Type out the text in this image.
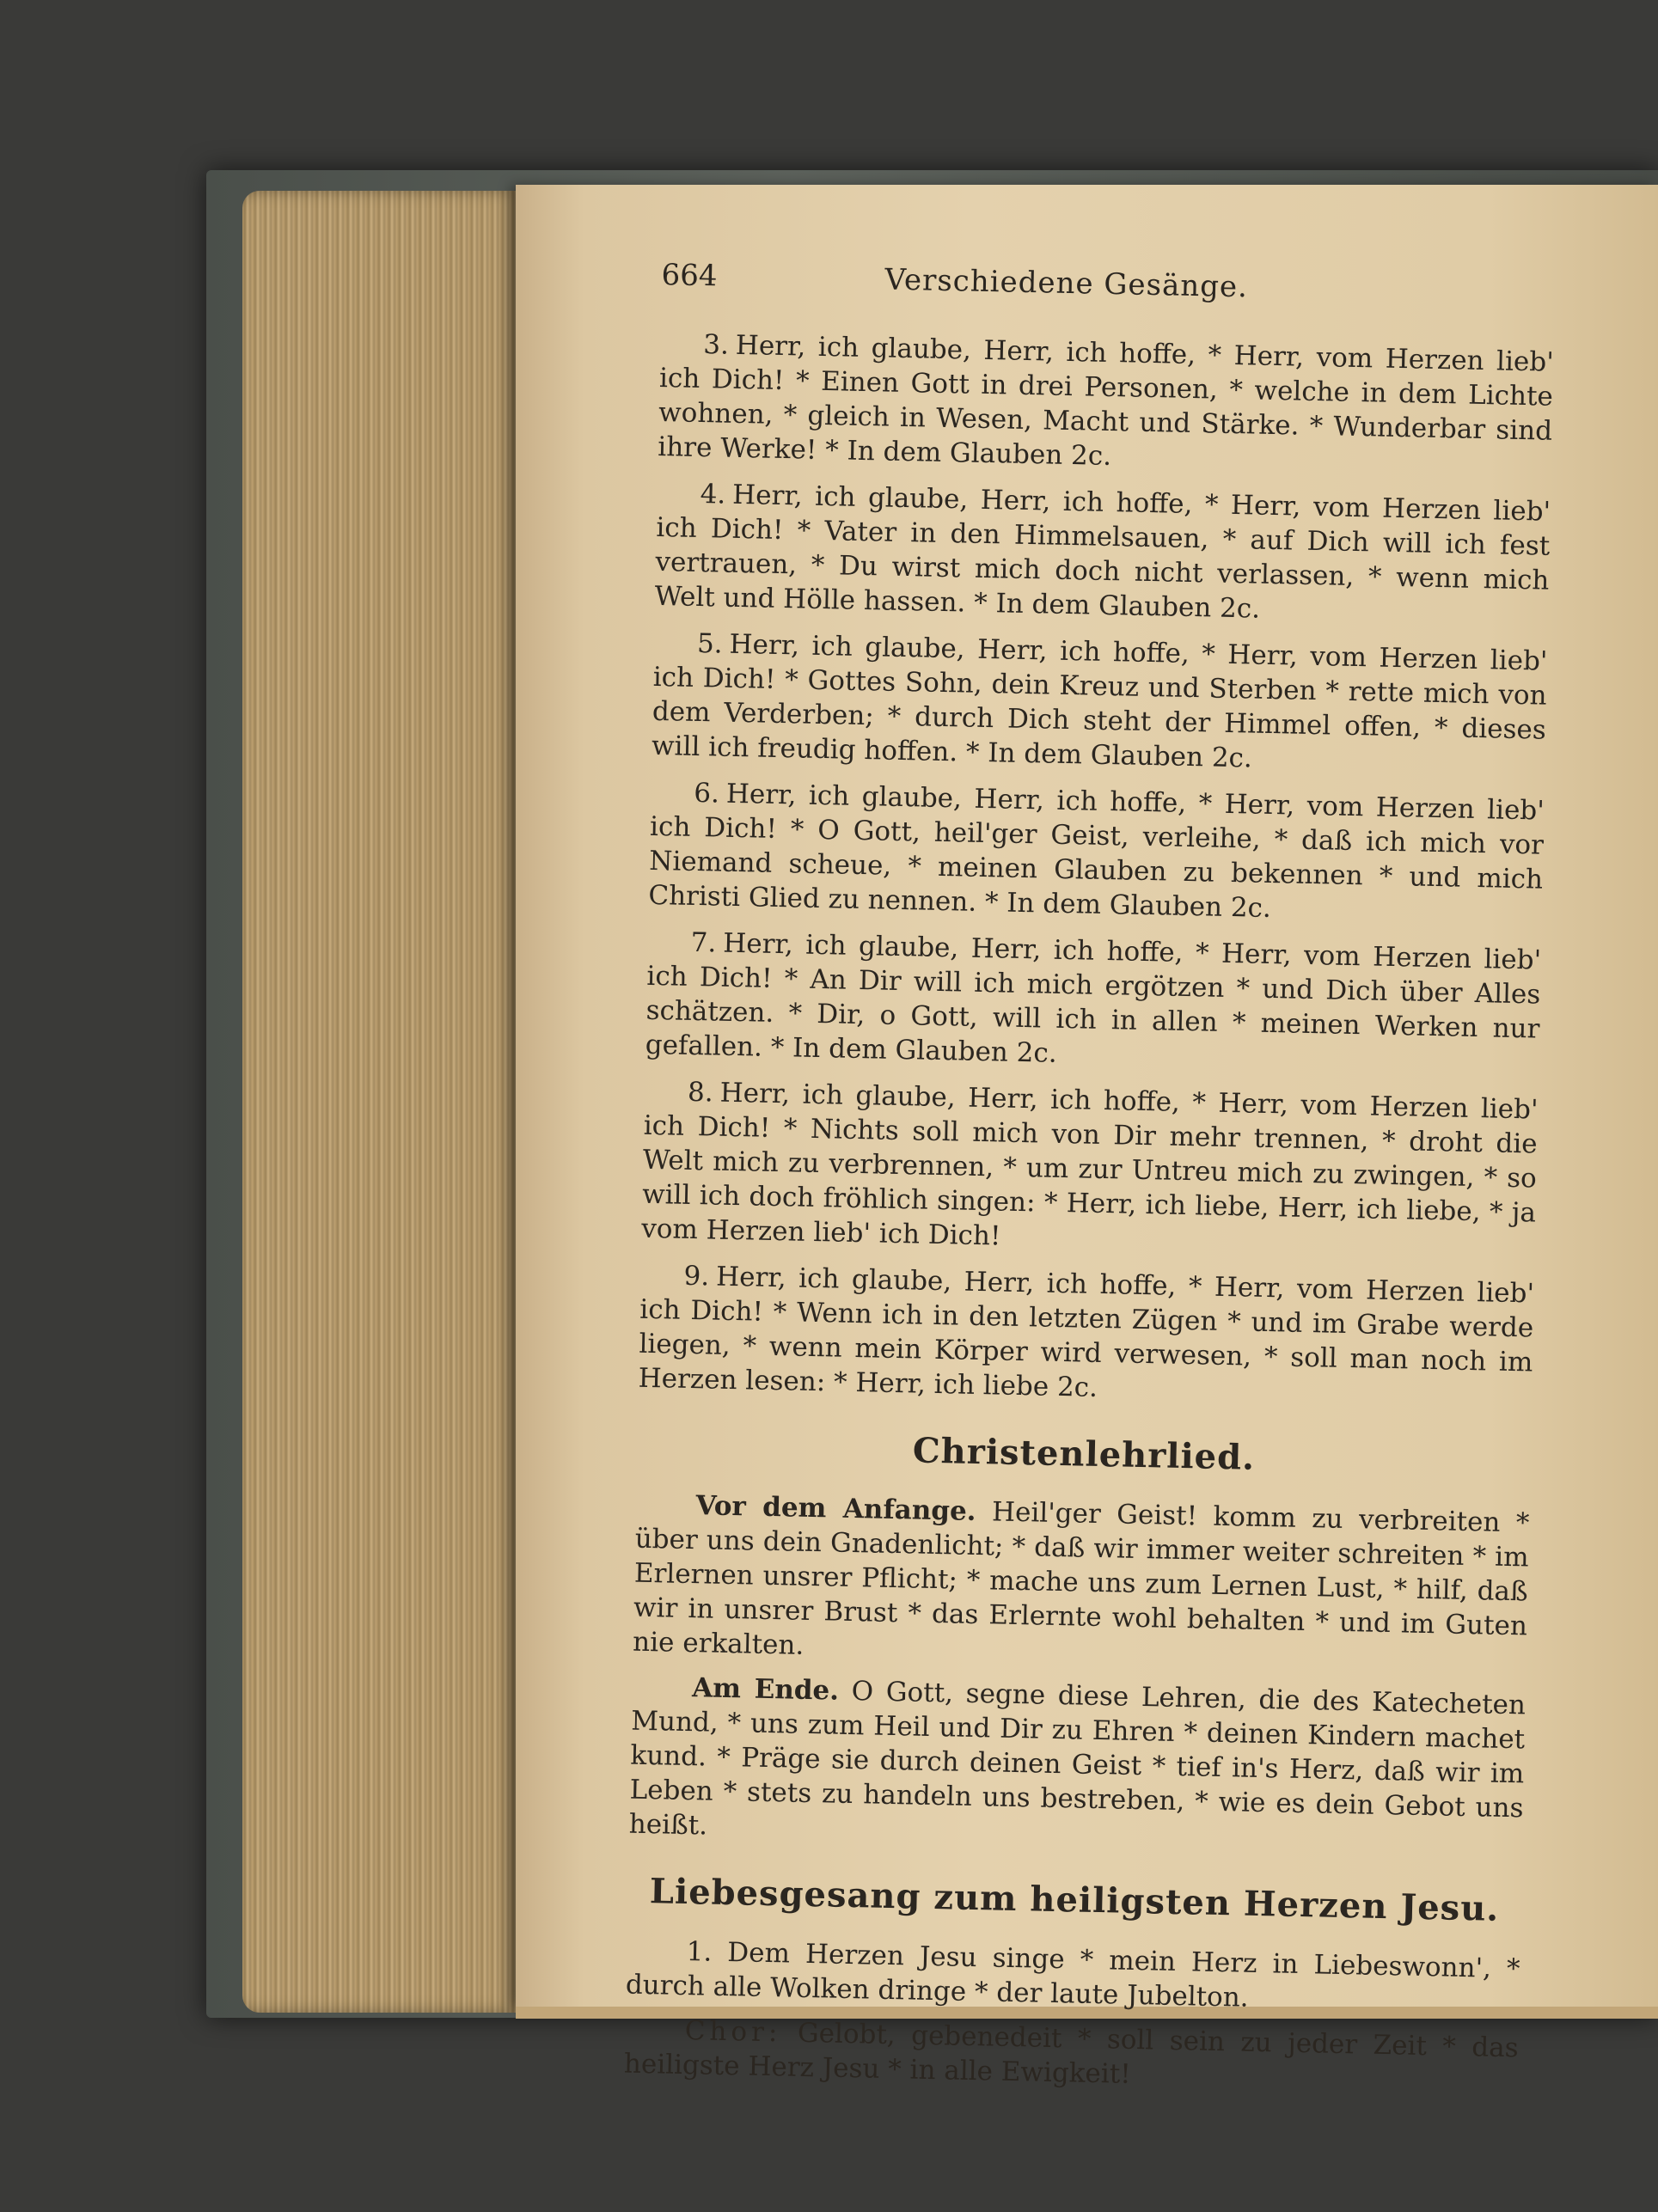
664	Verschiedene Gesänge.

3. Herr, ich glaube, Herr, ich hoffe, * Herr, vom Herzen lieb' ich Dich! * Einen Gott in drei Personen, * welche in dem Lichte wohnen, * gleich in Wesen, Macht und Stärke. * Wunderbar sind ihre Werke! * In dem Glauben 2c.

4. Herr, ich glaube, Herr, ich hoffe, * Herr, vom Herzen lieb' ich Dich! * Vater in den Himmelsauen, * auf Dich will ich fest vertrauen, * Du wirst mich doch nicht verlassen, * wenn mich Welt und Hölle hassen. * In dem Glauben 2c.

5. Herr, ich glaube, Herr, ich hoffe, * Herr, vom Herzen lieb' ich Dich! * Gottes Sohn, dein Kreuz und Sterben * rette mich von dem Verderben; * durch Dich steht der Himmel offen, * dieses will ich freudig hoffen. * In dem Glauben 2c.

6. Herr, ich glaube, Herr, ich hoffe, * Herr, vom Herzen lieb' ich Dich! * O Gott, heil'ger Geist, verleihe, * daß ich mich vor Niemand scheue, * meinen Glauben zu bekennen * und mich Christi Glied zu nennen. * In dem Glauben 2c.

7. Herr, ich glaube, Herr, ich hoffe, * Herr, vom Herzen lieb' ich Dich! * An Dir will ich mich ergötzen * und Dich über Alles schätzen. * Dir, o Gott, will ich in allen * meinen Werken nur gefallen. * In dem Glauben 2c.

8. Herr, ich glaube, Herr, ich hoffe, * Herr, vom Herzen lieb' ich Dich! * Nichts soll mich von Dir mehr trennen, * droht die Welt mich zu verbrennen, * um zur Untreu mich zu zwingen, * so will ich doch fröhlich singen: * Herr, ich liebe, Herr, ich liebe, * ja vom Herzen lieb' ich Dich!

9. Herr, ich glaube, Herr, ich hoffe, * Herr, vom Herzen lieb' ich Dich! * Wenn ich in den letzten Zügen * und im Grabe werde liegen, * wenn mein Körper wird verwesen, * soll man noch im Herzen lesen: * Herr, ich liebe 2c.

Christenlehrlied.

Vor dem Anfange. Heil'ger Geist! komm zu verbreiten * über uns dein Gnadenlicht; * daß wir immer weiter schreiten * im Erlernen unsrer Pflicht; * mache uns zum Lernen Lust, * hilf, daß wir in unsrer Brust * das Erlernte wohl behalten * und im Guten nie erkalten.

Am Ende. O Gott, segne diese Lehren, die des Katecheten Mund, * uns zum Heil und Dir zu Ehren * deinen Kindern machet kund. * Präge sie durch deinen Geist * tief in's Herz, daß wir im Leben * stets zu handeln uns bestreben, * wie es dein Gebot uns heißt.

Liebesgesang zum heiligsten Herzen Jesu.

1. Dem Herzen Jesu singe * mein Herz in Liebeswonn', * durch alle Wolken dringe * der laute Jubelton.

Chor: Gelobt, gebenedeit * soll sein zu jeder Zeit * das heiligste Herz Jesu * in alle Ewigkeit!
